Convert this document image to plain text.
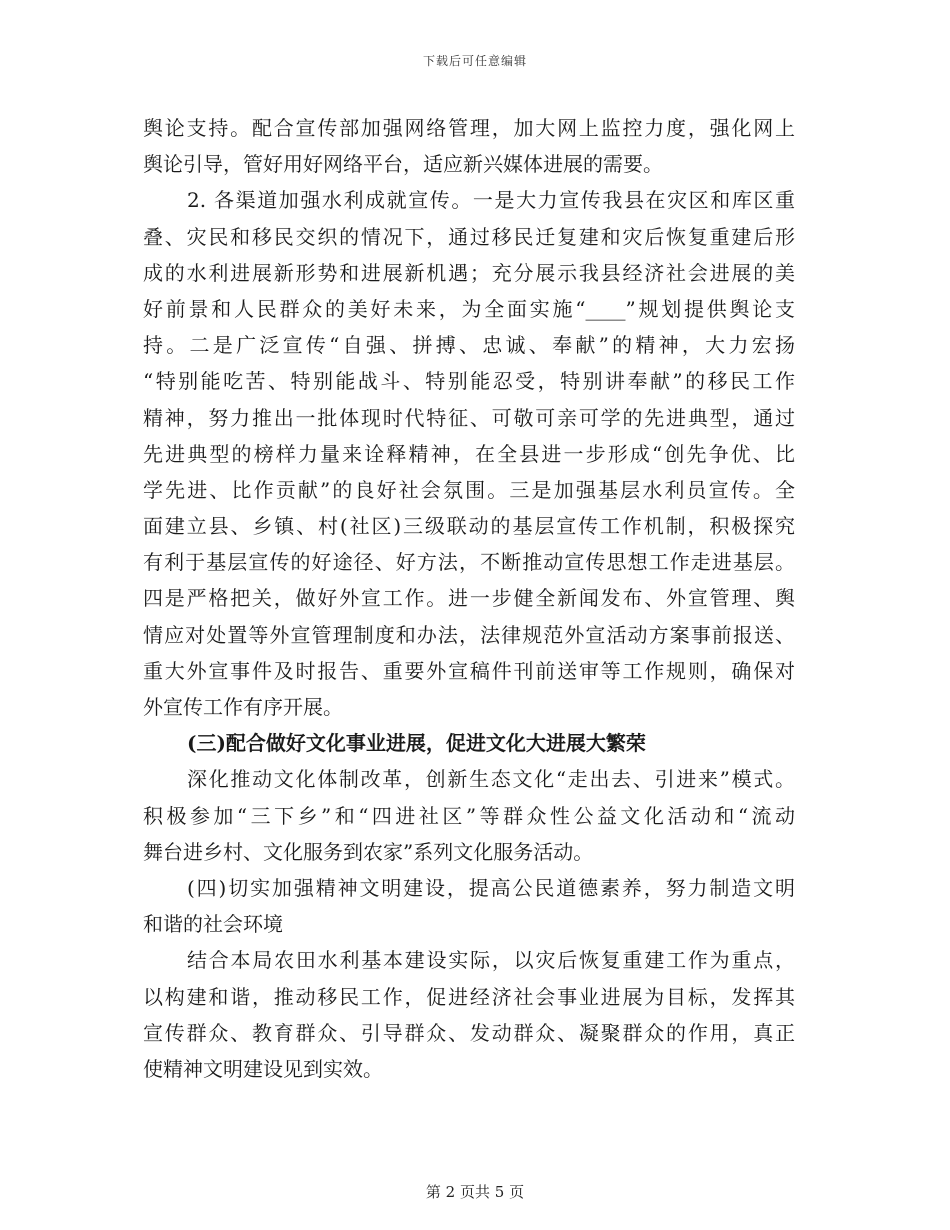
下载后可任意编辑
舆论支持。配合宣传部加强网络管理，加大网上监控力度，强化网上
舆论引导，管好用好网络平台，适应新兴媒体进展的需要。
2. 各渠道加强水利成就宣传。一是大力宣传我县在灾区和库区重
叠、灾民和移民交织的情况下，通过移民迁复建和灾后恢复重建后形
成的水利进展新形势和进展新机遇；充分展示我县经济社会进展的美
好前景和人民群众的美好未来，为全面实施“____”规划提供舆论支
持。二是广泛宣传“自强、拼搏、忠诚、奉献”的精神，大力宏扬
“特别能吃苦、特别能战斗、特别能忍受，特别讲奉献”的移民工作
精神，努力推出一批体现时代特征、可敬可亲可学的先进典型，通过
先进典型的榜样力量来诠释精神，在全县进一步形成“创先争优、比
学先进、比作贡献”的良好社会氛围。三是加强基层水利员宣传。全
面建立县、乡镇、村(社区)三级联动的基层宣传工作机制，积极探究
有利于基层宣传的好途径、好方法，不断推动宣传思想工作走进基层。
四是严格把关，做好外宣工作。进一步健全新闻发布、外宣管理、舆
情应对处置等外宣管理制度和办法，法律规范外宣活动方案事前报送、
重大外宣事件及时报告、重要外宣稿件刊前送审等工作规则，确保对
外宣传工作有序开展。
(三)配合做好文化事业进展，促进文化大进展大繁荣
深化推动文化体制改革，创新生态文化“走出去、引进来”模式。
积极参加“三下乡”和“四进社区”等群众性公益文化活动和“流动
舞台进乡村、文化服务到农家”系列文化服务活动。
(四)切实加强精神文明建设，提高公民道德素养，努力制造文明
和谐的社会环境
结合本局农田水利基本建设实际，以灾后恢复重建工作为重点，
以构建和谐，推动移民工作，促进经济社会事业进展为目标，发挥其
宣传群众、教育群众、引导群众、发动群众、凝聚群众的作用，真正
使精神文明建设见到实效。
第 2 页共 5 页
